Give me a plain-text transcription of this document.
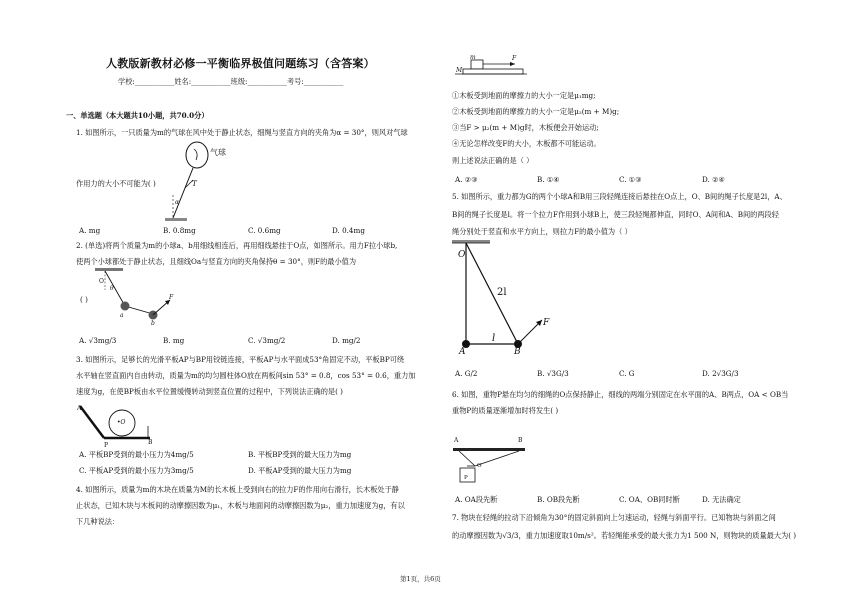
人教版新教材必修一平衡临界极值问题练习（含答案）
学校:___________姓名:___________班级:___________考号:___________
一、单选题（本大题共10小题，共70.0分）
1. 如图所示，一只质量为m的气球在风中处于静止状态，细绳与竖直方向的夹角为α = 30°，则风对气球
作用力的大小不可能为( )
气球
T
α
A. mg	B. 0.8mg	C. 0.6mg	D. 0.4mg
2. (单选)将两个质量为m的小球a、b用细线相连后，再用细线悬挂于O点，如图所示。用力F拉小球b,
使两个小球都处于静止状态，且细线Oa与竖直方向的夹角保持θ = 30°，则F的最小值为
( )
O
θ
a
b
F
A. √3mg/3	B. mg	C. √3mg/2	D. mg/2
3. 如图所示，足够长的光滑平板AP与BP用铰链连接，平板AP与水平面成53°角固定不动，平板BP可绕
水平轴在竖直面内自由转动，质量为m的均匀圆柱体O放在两板间sin 53° = 0.8，cos 53° = 0.6，重力加
速度为g，在使BP板由水平位置缓慢转动到竖直位置的过程中，下列说法正确的是( )
A
•O
P	B
A. 平板BP受到的最小压力为4mg/5	B. 平板BP受到的最大压力为mg
C. 平板AP受到的最小压力为3mg/5	D. 平板AP受到的最大压力为mg
4. 如图所示，质量为m的木块在质量为M的长木板上受到向右的拉力F的作用向右滑行，长木板处于静
止状态，已知木块与木板间的动摩擦因数为μ₁，木板与地面间的动摩擦因数为μ₂，重力加速度为g，有以
下几种说法：
m
M
F
①木板受到地面的摩擦力的大小一定是μ₁mg;
②木板受到地面的摩擦力的大小一定是μ₂(m + M)g;
③当F > μ₂(m + M)g时，木板便会开始运动;
④无论怎样改变F的大小，木板都不可能运动。
则上述说法正确的是（ ）
A. ②③	B. ①④	C. ①③	D. ②④
5. 如图所示，重力都为G的两个小球A和B用三段轻绳连接后悬挂在O点上，O、B间的绳子长度是2l，A、
B间的绳子长度是l。将一个拉力F作用到小球B上，使三段轻绳都伸直，同时O、A间和A、B间的两段轻
绳分别处于竖直和水平方向上，则拉力F的最小值为（ ）
O
2l
l
A	B
F
A. G/2	B. √3G/3	C. G	D. 2√3G/3
6. 如图，重物P悬在均匀的细绳的O点保持静止，细线的两端分别固定在水平面的A、B两点，OA < OB当
重物P的质量逐渐增加时将发生( )
A	B
O
P
A. OA段先断	B. OB段先断	C. OA、OB同时断	D. 无法确定
7. 物块在轻绳的拉动下沿倾角为30°的固定斜面向上匀速运动，轻绳与斜面平行。已知物块与斜面之间
的动摩擦因数为√3/3，重力加速度取10m/s²。若轻绳能承受的最大张力为1 500 N，则物块的质量最大为( )
第1页，共6页
